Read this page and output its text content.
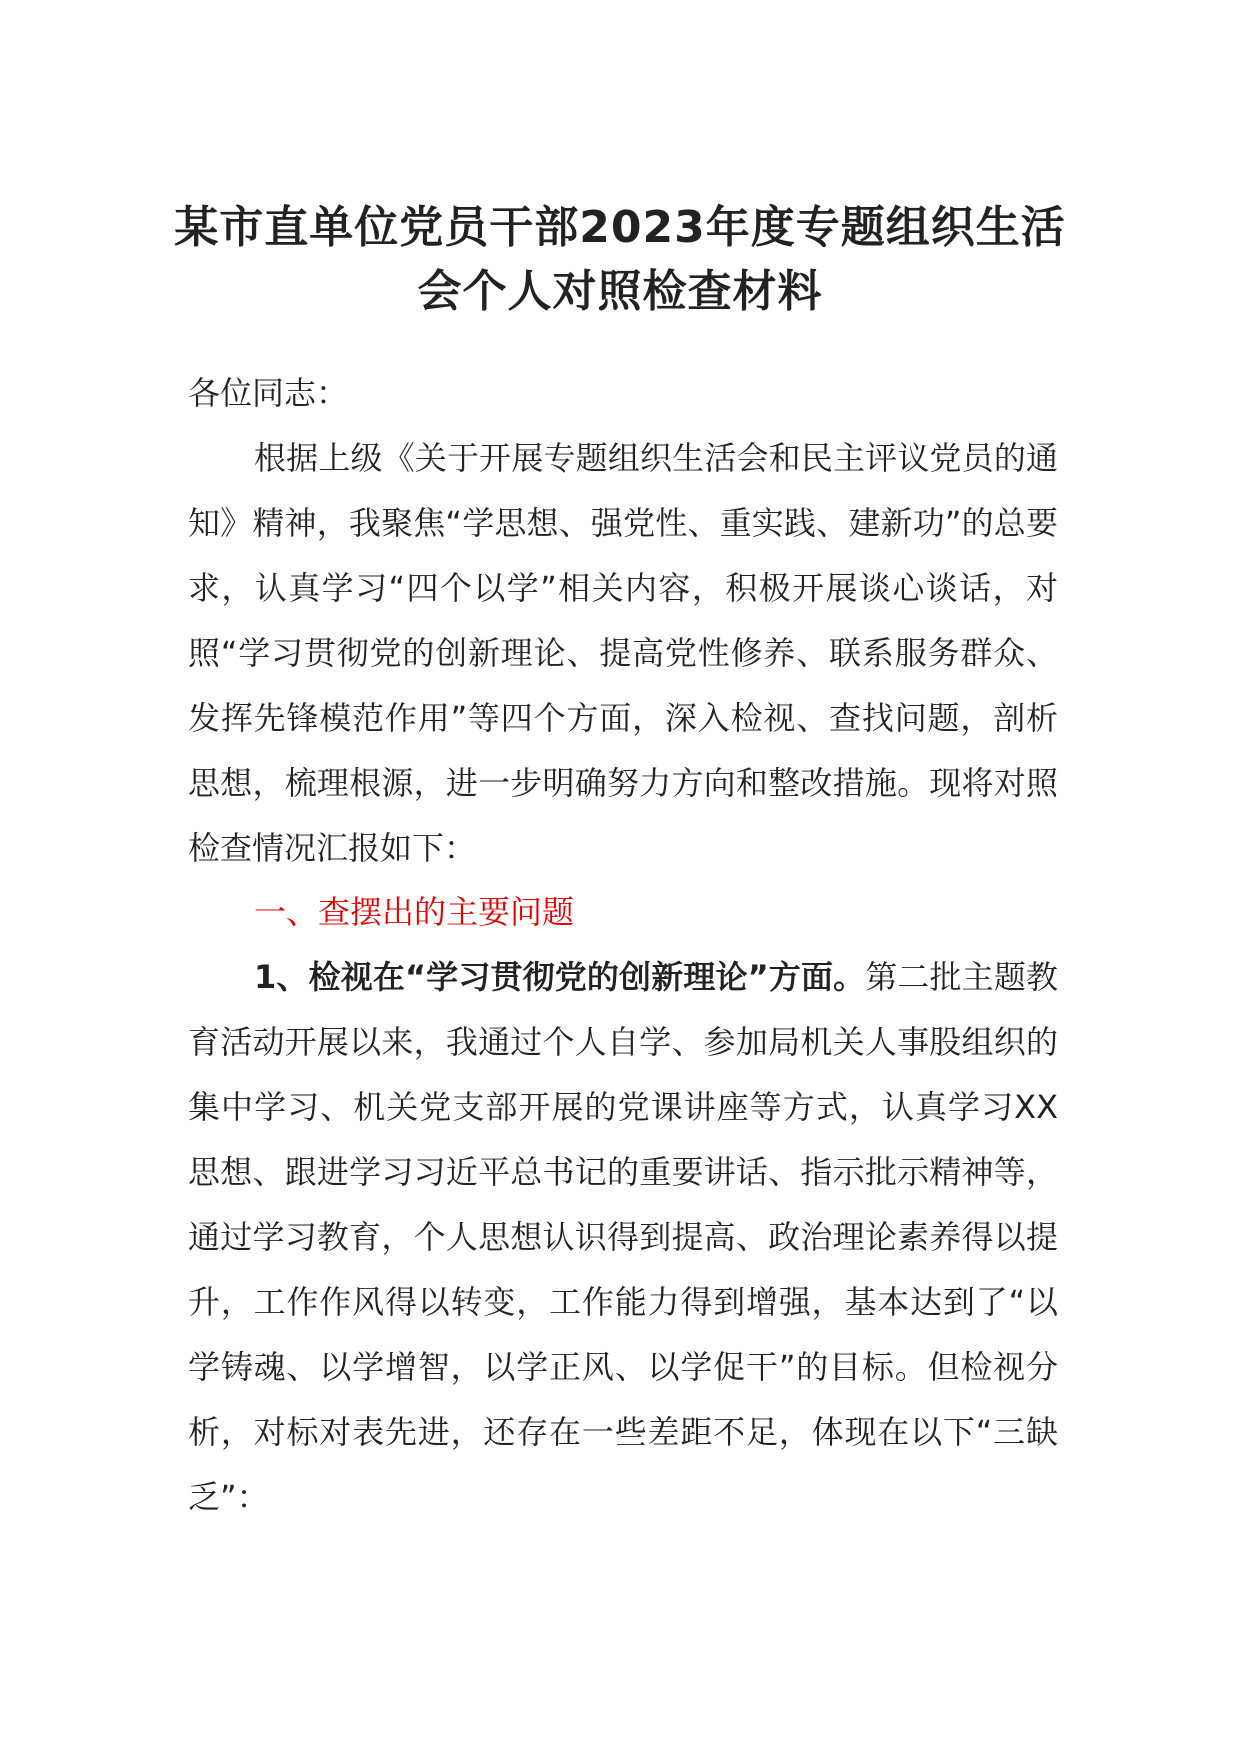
某市直单位党员干部2023年度专题组织生活会个人对照检查材料
各位同志：
根据上级《关于开展专题组织生活会和民主评议党员的通知》精神，我聚焦“学思想、强党性、重实践、建新功”的总要求，认真学习“四个以学”相关内容，积极开展谈心谈话，对照“学习贯彻党的创新理论、提高党性修养、联系服务群众、发挥先锋模范作用”等四个方面，深入检视、查找问题，剖析思想，梳理根源，进一步明确努力方向和整改措施。现将对照检查情况汇报如下：
一、查摆出的主要问题
1、检视在“学习贯彻党的创新理论”方面。第二批主题教育活动开展以来，我通过个人自学、参加局机关人事股组织的集中学习、机关党支部开展的党课讲座等方式，认真学习XX思想、跟进学习习近平总书记的重要讲话、指示批示精神等，通过学习教育，个人思想认识得到提高、政治理论素养得以提升，工作作风得以转变，工作能力得到增强，基本达到了“以学铸魂、以学增智，以学正风、以学促干”的目标。但检视分析，对标对表先进，还存在一些差距不足，体现在以下“三缺乏”：
